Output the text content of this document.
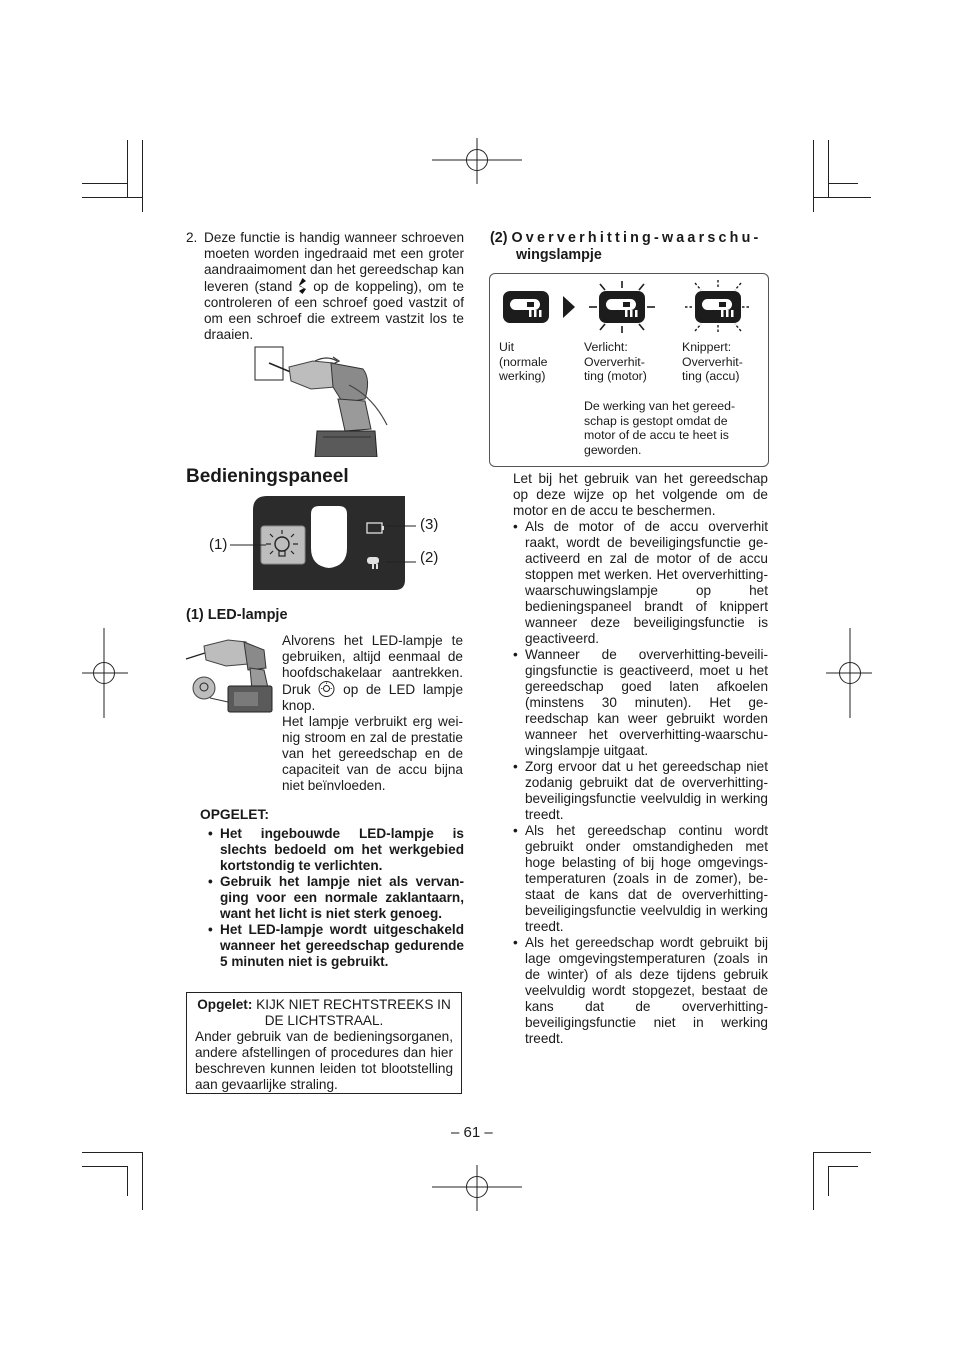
2. Deze functie is handig wanneer schroeven moeten worden ingedraaid met een groter aandraaimoment dan het gereedschap kan leveren (stand op de koppeling), om te controleren of een schroef goed vastzit of om een schroef die extreem vastzit los te draaien.
Bedieningspaneel
(1)
(3)
(2)
(1) LED-lampje
Alvorens het LED-lampje te gebruiken, altijd eenmaal de hoofdschakelaar aantrekken. Druk op de LED lampje knop.
Het lampje verbruikt erg weinig stroom en zal de prestatie van het gereedschap en de capaciteit van de accu bijna niet beïnvloeden.
OPGELET:
• Het ingebouwde LED-lampje is slechts bedoeld om het werkgebied kortstondig te verlichten.
• Gebruik het lampje niet als vervanging voor een normale zaklantaarn, want het licht is niet sterk genoeg.
• Het LED-lampje wordt uitgeschakeld wanneer het gereedschap gedurende 5 minuten niet is gebruikt.
Opgelet: KIJK NIET RECHTSTREEKS IN DE LICHTSTRAAL.
Ander gebruik van de bedieningsorganen, andere afstellingen of procedures dan hier beschreven kunnen leiden tot blootstelling aan gevaarlijke straling.
– 61 –
(2) Oververhitting-waarschu-
wingslampje
Uit
(normale
werking)
Verlicht:
Oververhit-
ting (motor)
Knippert:
Oververhit-
ting (accu)
De werking van het gereedschap is gestopt omdat de motor of de accu te heet is geworden.
Let bij het gebruik van het gereedschap op deze wijze op het volgende om de motor en de accu te beschermen.
• Als de motor of de accu oververhit raakt, wordt de beveiligingsfunctie geactiveerd en zal de motor of de accu stoppen met werken. Het oververhitting-waarschuwingslampje op het bedieningspaneel brandt of knippert wanneer deze beveiligingsfunctie is geactiveerd.
• Wanneer de oververhitting-beveiligingsfunctie is geactiveerd, moet u het gereedschap goed laten afkoelen (minstens 30 minuten). Het gereedschap kan weer gebruikt worden wanneer het oververhitting-waarschuwingslampje uitgaat.
• Zorg ervoor dat u het gereedschap niet zodanig gebruikt dat de oververhitting-beveiligingsfunctie veelvuldig in werking treedt.
• Als het gereedschap continu wordt gebruikt onder omstandigheden met hoge belasting of bij hoge omgevingstemperaturen (zoals in de zomer), bestaat de kans dat de oververhitting-beveiligingsfunctie veelvuldig in werking treedt.
• Als het gereedschap wordt gebruikt bij lage omgevingstemperaturen (zoals in de winter) of als deze tijdens gebruik veelvuldig wordt stopgezet, bestaat de kans dat de oververhitting-beveiligingsfunctie niet in werking treedt.
